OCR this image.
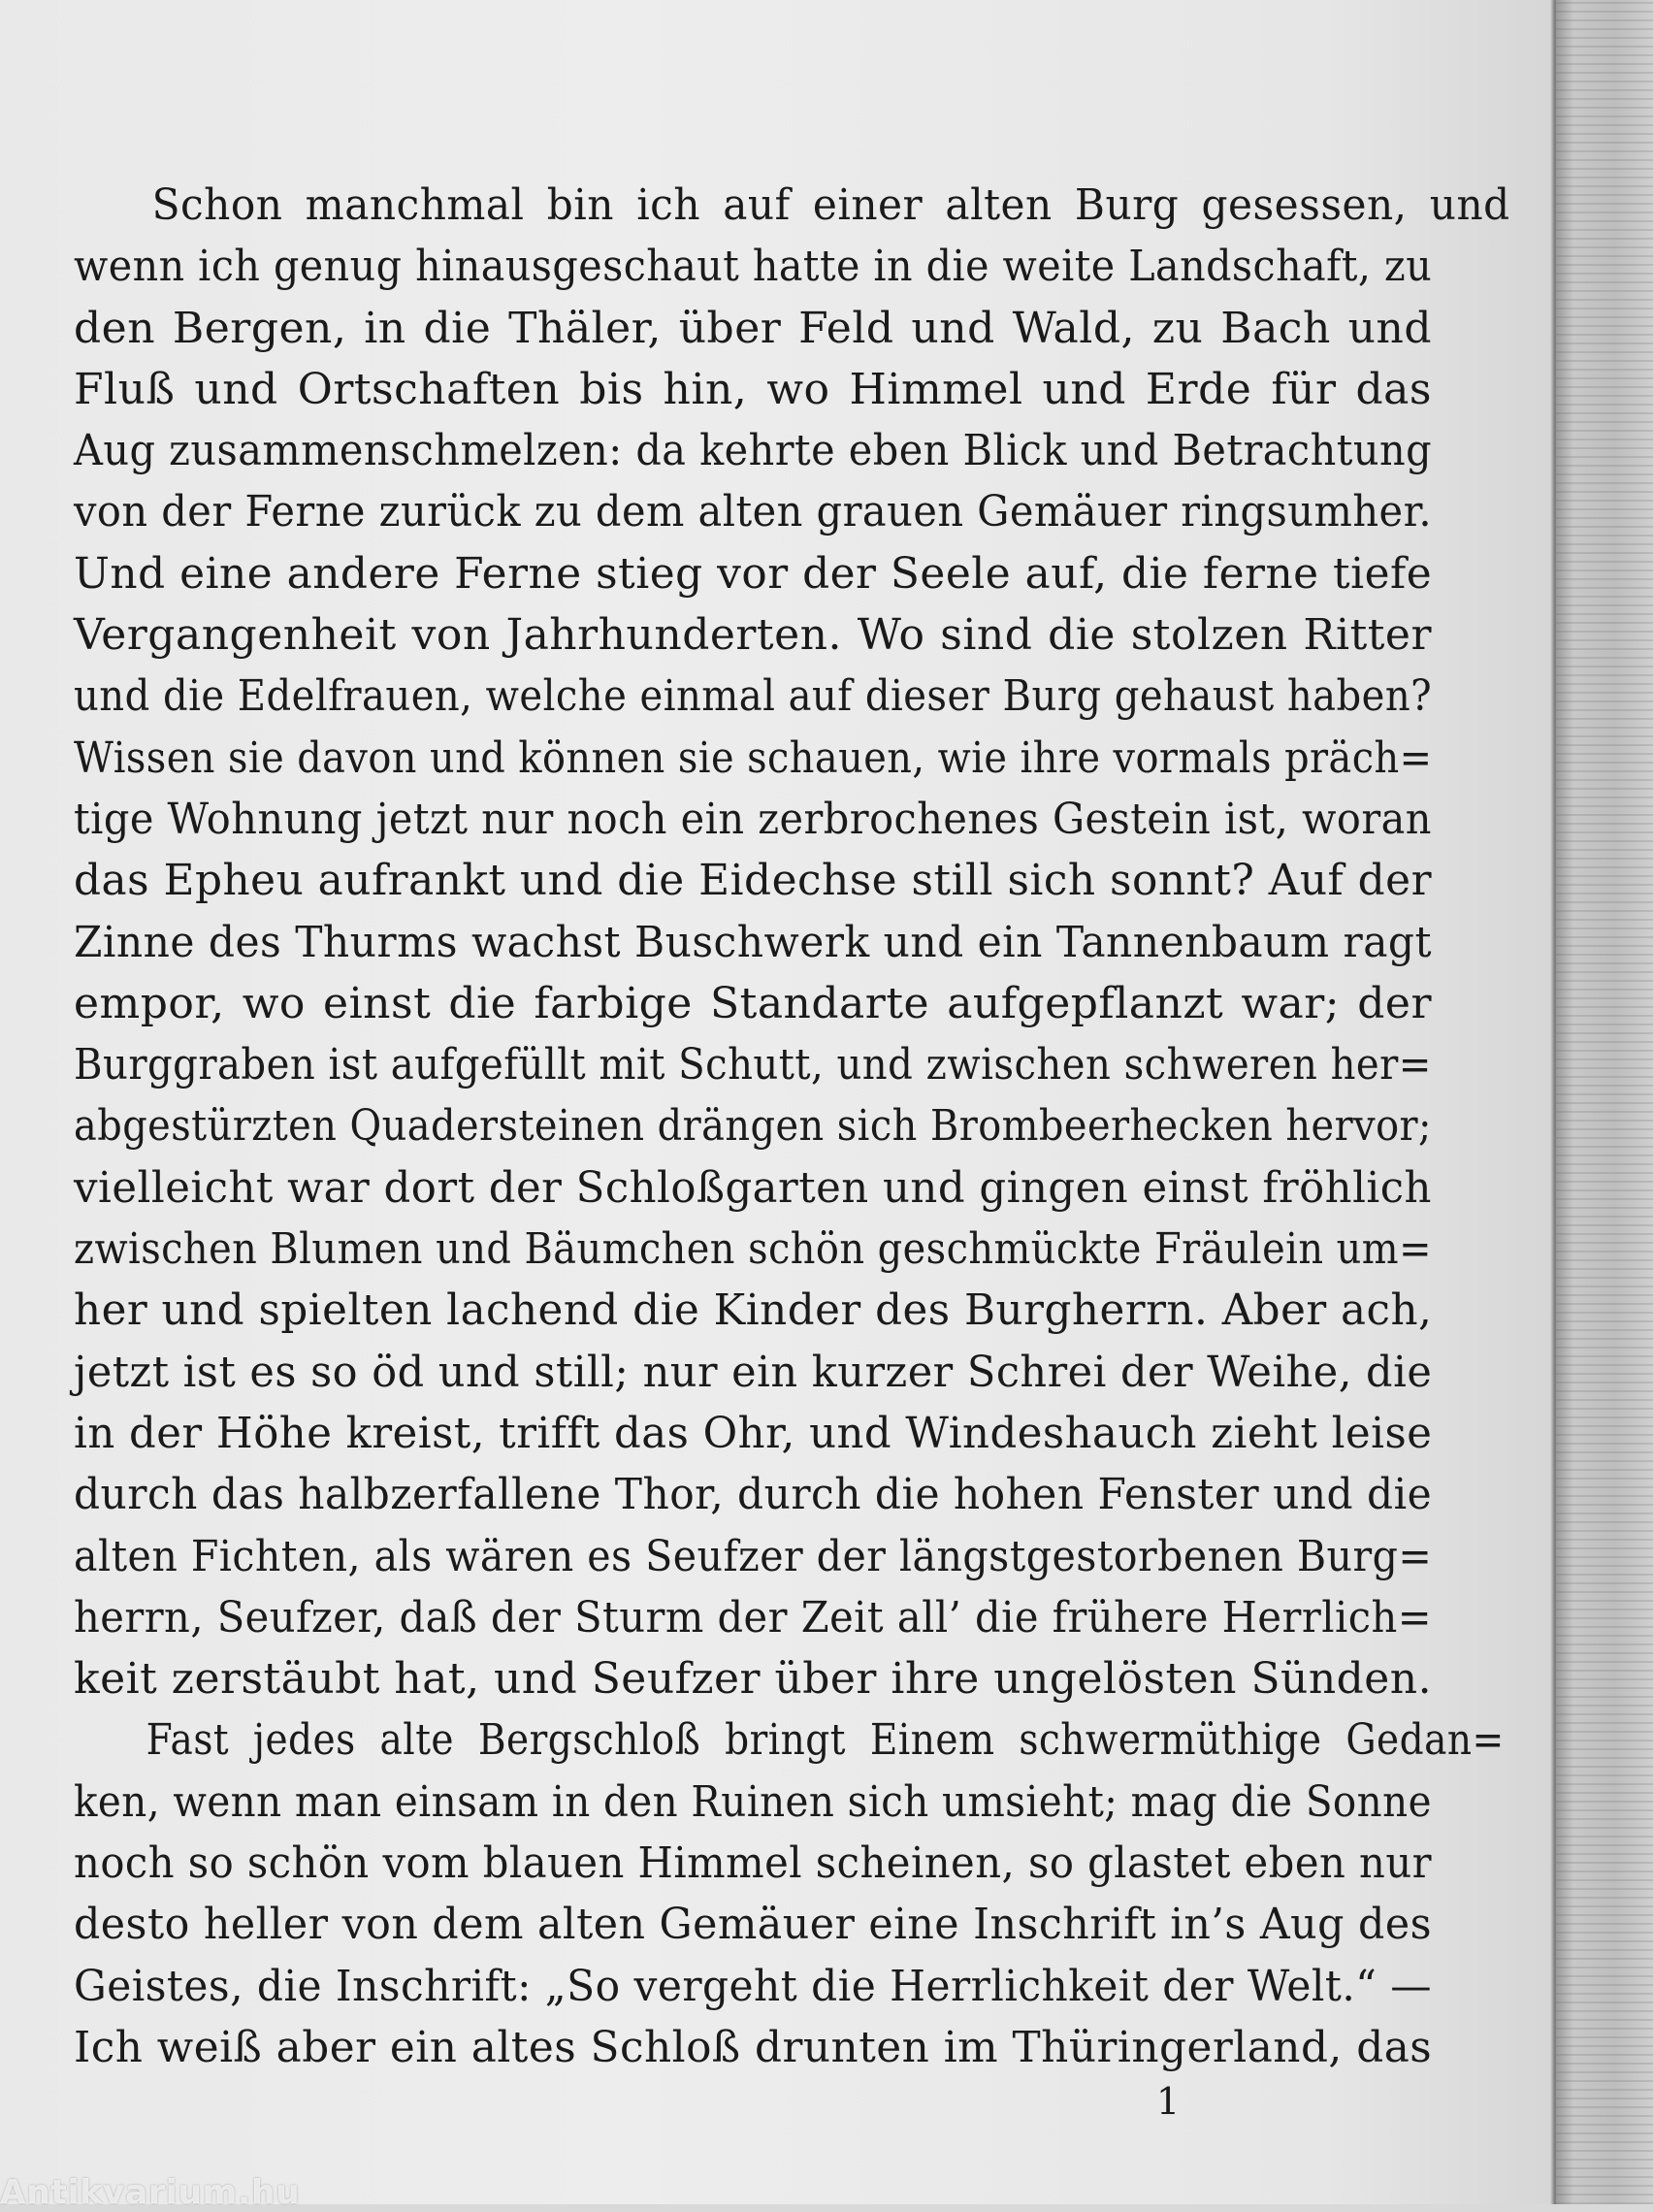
Schon manchmal bin ich auf einer alten Burg gesessen, und
wenn ich genug hinausgeschaut hatte in die weite Landschaft, zu
den Bergen, in die Thäler, über Feld und Wald, zu Bach und
Fluß und Ortschaften bis hin, wo Himmel und Erde für das
Aug zusammenschmelzen: da kehrte eben Blick und Betrachtung
von der Ferne zurück zu dem alten grauen Gemäuer ringsumher.
Und eine andere Ferne stieg vor der Seele auf, die ferne tiefe
Vergangenheit von Jahrhunderten. Wo sind die stolzen Ritter
und die Edelfrauen, welche einmal auf dieser Burg gehaust haben?
Wissen sie davon und können sie schauen, wie ihre vormals präch=
tige Wohnung jetzt nur noch ein zerbrochenes Gestein ist, woran
das Epheu aufrankt und die Eidechse still sich sonnt? Auf der
Zinne des Thurms wachst Buschwerk und ein Tannenbaum ragt
empor, wo einst die farbige Standarte aufgepflanzt war; der
Burggraben ist aufgefüllt mit Schutt, und zwischen schweren her=
abgestürzten Quadersteinen drängen sich Brombeerhecken hervor;
vielleicht war dort der Schloßgarten und gingen einst fröhlich
zwischen Blumen und Bäumchen schön geschmückte Fräulein um=
her und spielten lachend die Kinder des Burgherrn. Aber ach,
jetzt ist es so öd und still; nur ein kurzer Schrei der Weihe, die
in der Höhe kreist, trifft das Ohr, und Windeshauch zieht leise
durch das halbzerfallene Thor, durch die hohen Fenster und die
alten Fichten, als wären es Seufzer der längstgestorbenen Burg=
herrn, Seufzer, daß der Sturm der Zeit all’ die frühere Herrlich=
keit zerstäubt hat, und Seufzer über ihre ungelösten Sünden.
Fast jedes alte Bergschloß bringt Einem schwermüthige Gedan=
ken, wenn man einsam in den Ruinen sich umsieht; mag die Sonne
noch so schön vom blauen Himmel scheinen, so glastet eben nur
desto heller von dem alten Gemäuer eine Inschrift in’s Aug des
Geistes, die Inschrift: „So vergeht die Herrlichkeit der Welt.“ —
Ich weiß aber ein altes Schloß drunten im Thüringerland, das
1
Antikvarium.hu
